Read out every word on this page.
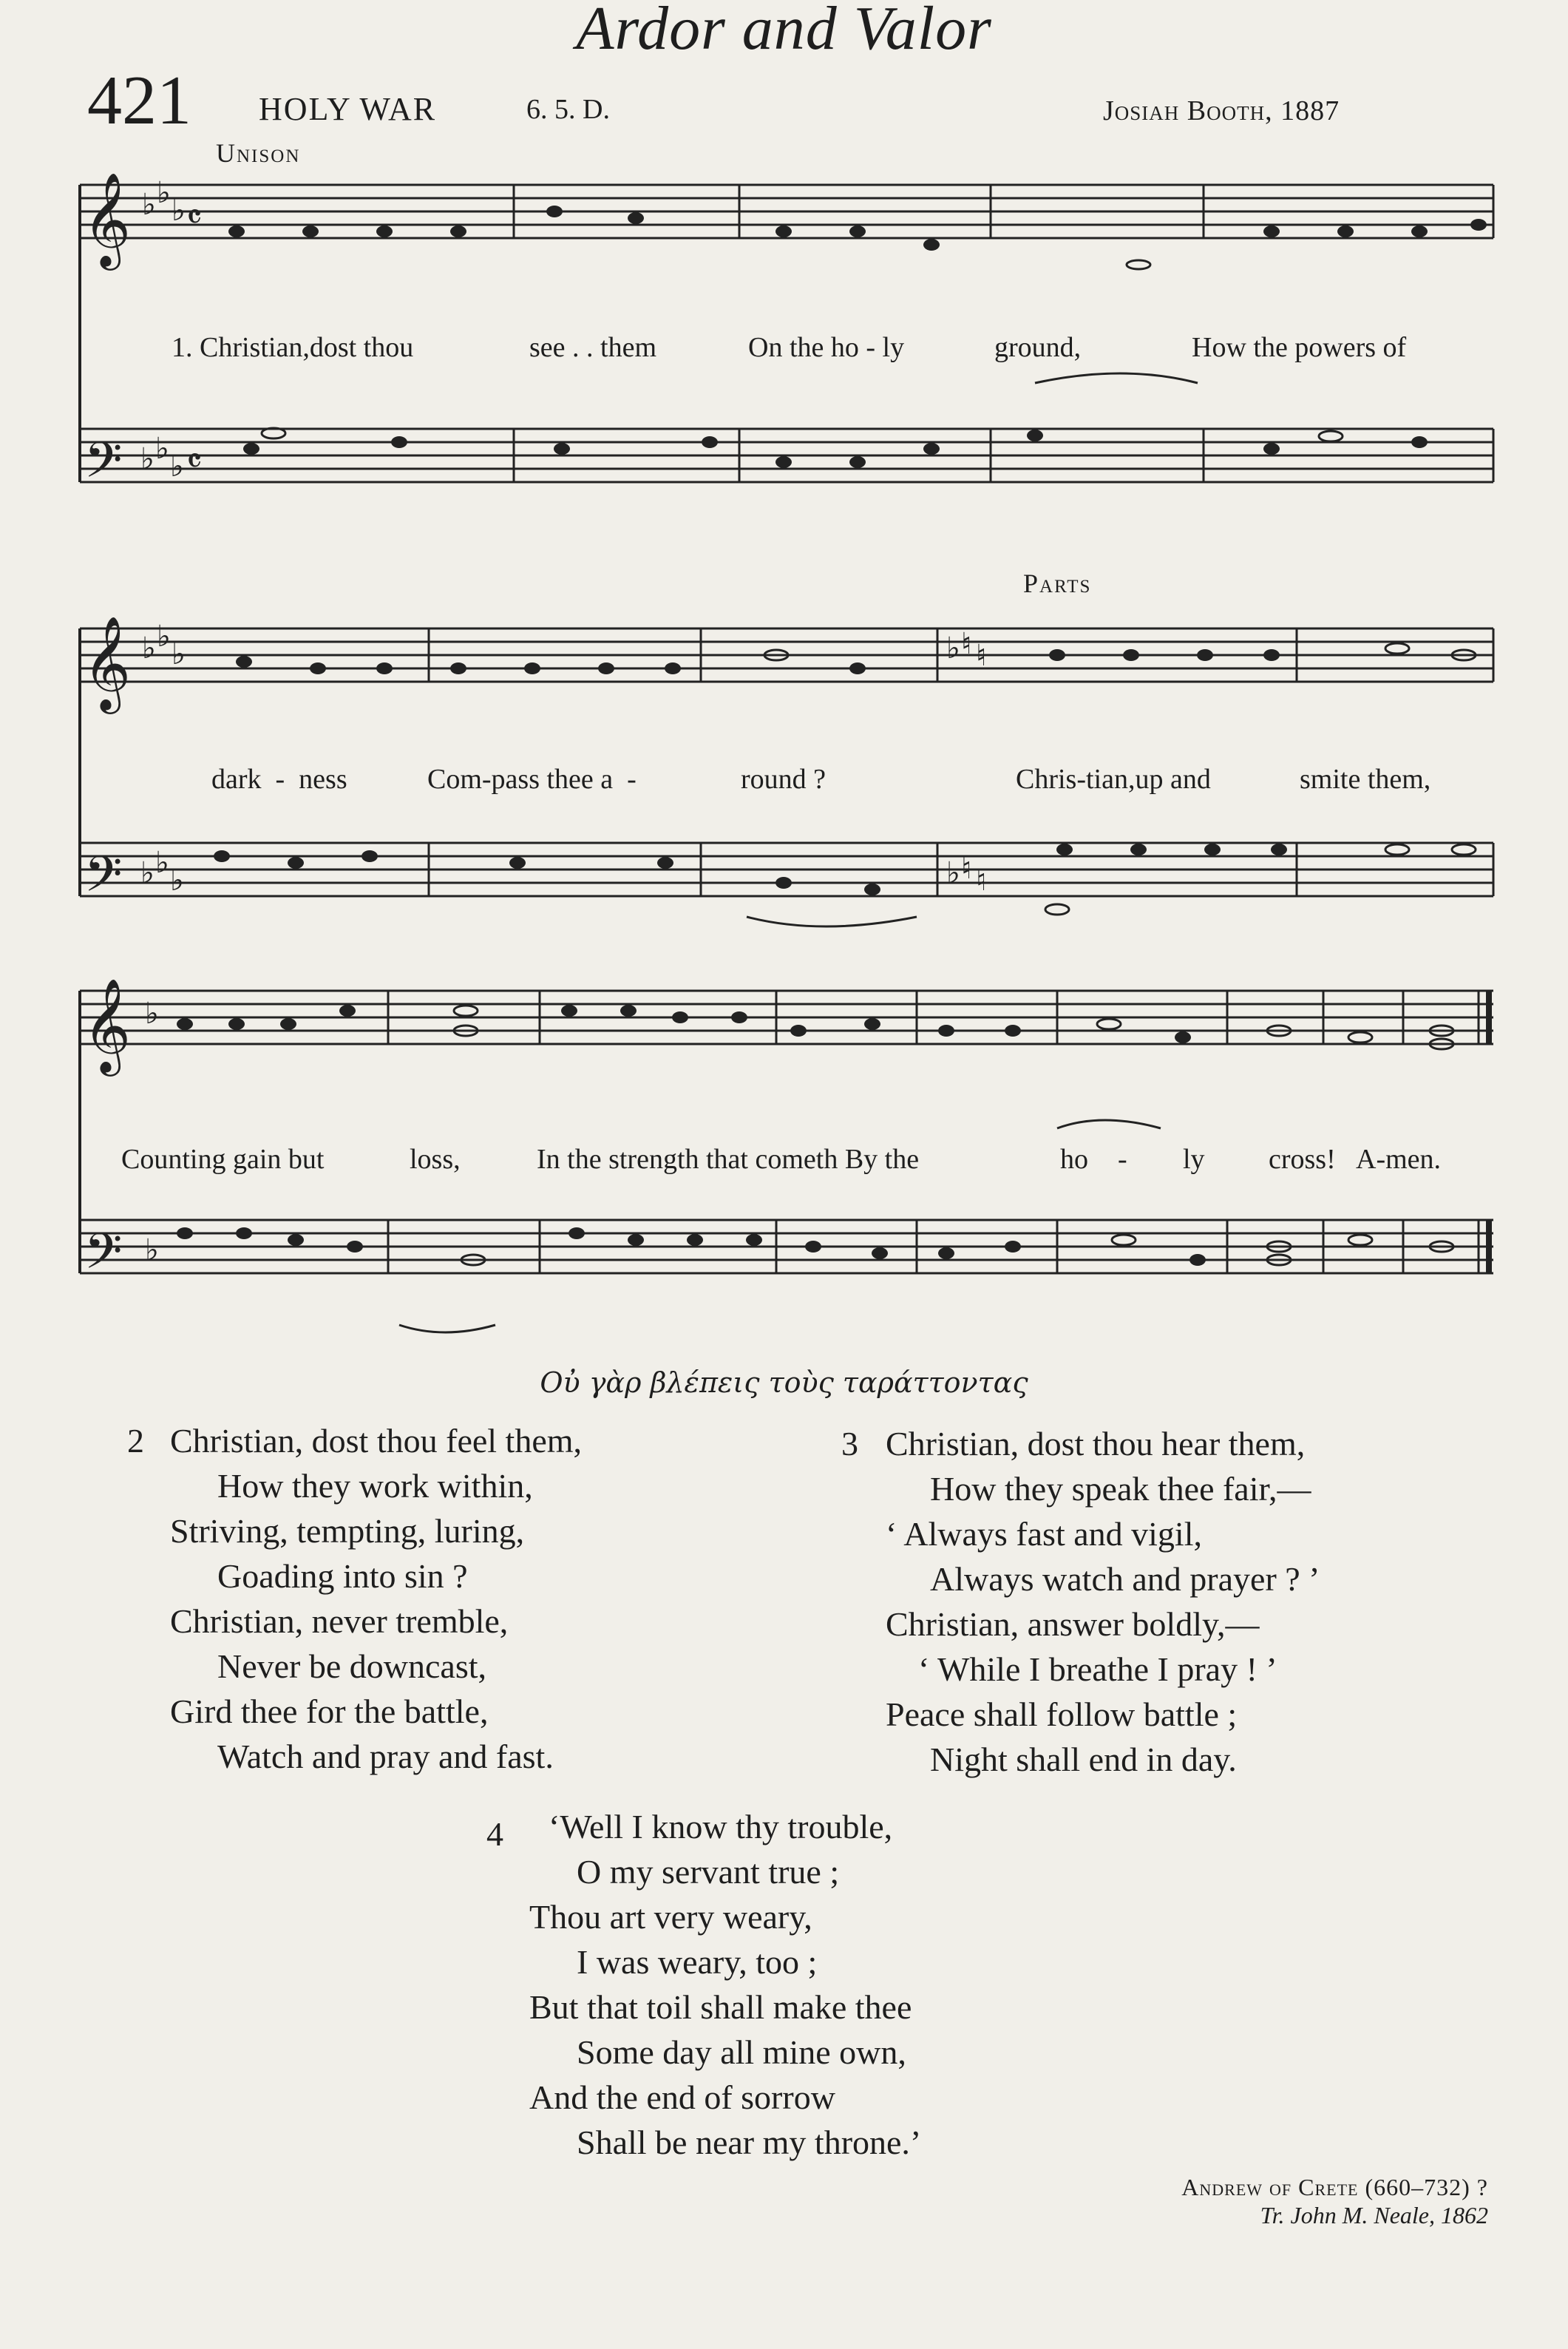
Ardor and Valor
421 HOLY WAR	6. 5. D.	Josiah Booth, 1887
Unison
Parts
𝄞
𝄢
♭ ♭
♭
♭ ♭
♭
𝄴
𝄴
1. Christian,dost thou	see . . them	On the ho - ly	ground,	How the powers of
𝄞
𝄢
♭ ♭
♭
♭ ♭
♭
♭ ♮ ♮
♭ ♮ ♮
dark  -  ness	Com-pass thee a  -	round ?	Chris-tian,up and	smite them,
𝄞
𝄢
♭
♭
Counting gain but	loss,	In the strength that cometh By the	ho - ly cross! A-men.
Οὐ γὰρ βλέπεις τοὺς ταράττοντας
2 Christian, dost thou feel them,
How they work within,
Striving, tempting, luring,
Goading into sin ?
Christian, never tremble,
Never be downcast,
Gird thee for the battle,
Watch and pray and fast.
3 Christian, dost thou hear them,
How they speak thee fair,—
‘ Always fast and vigil,
Always watch and prayer ? ’
Christian, answer boldly,—
‘ While I breathe I pray ! ’
Peace shall follow battle ;
Night shall end in day.
4	‘Well I know thy trouble,
O my servant true ;
Thou art very weary,
I was weary, too ;
But that toil shall make thee
Some day all mine own,
And the end of sorrow
Shall be near my throne.’
Andrew of Crete (660–732) ?
Tr. John M. Neale, 1862
